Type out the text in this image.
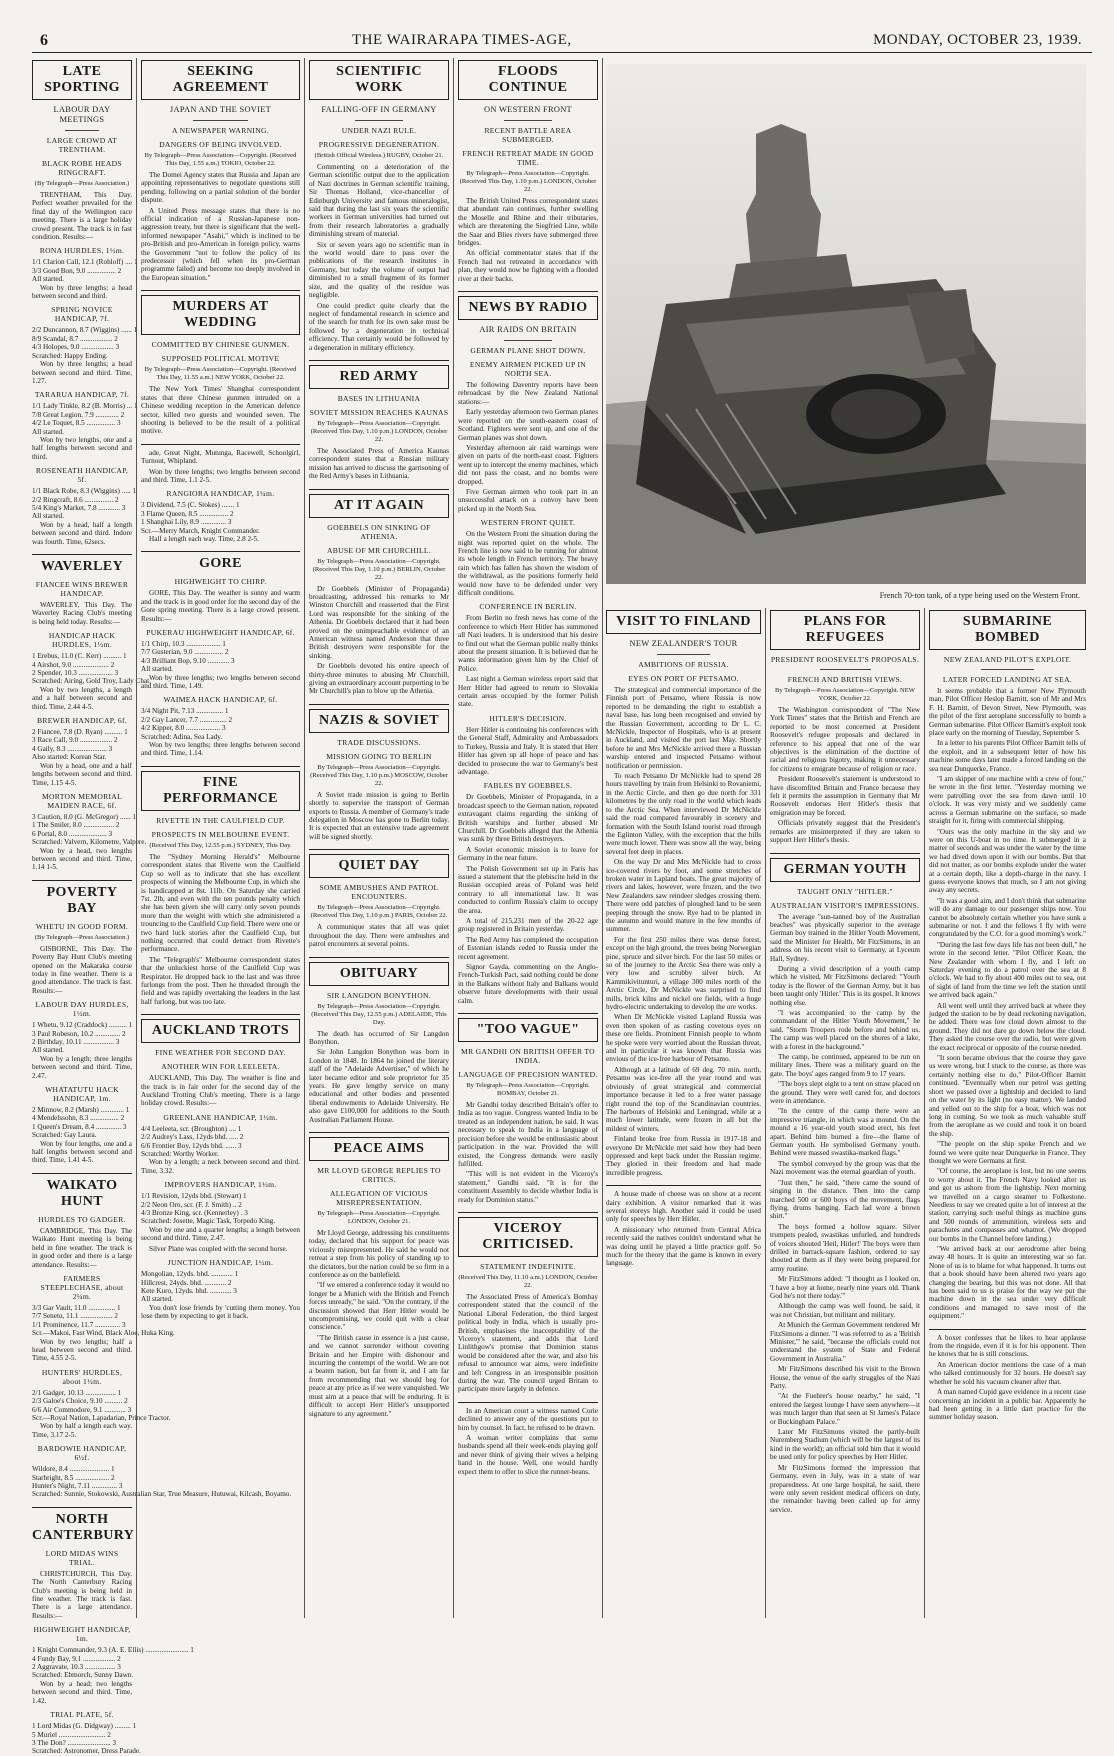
6	THE WAIRARAPA TIMES-AGE,	MONDAY, OCTOBER 23, 1939.
LATE SPORTING
LABOUR DAY MEETINGS
LARGE CROWD AT TRENTHAM.
BLACK ROBE HEADS RINGCRAFT.
(By Telegraph—Press Association.)

TRENTHAM, This Day. Perfect weather prevailed for the final day of the Wellington race meeting. There is a large holiday crowd present. The track is in fast condition. Results:—

RONA HURDLES, 1½m.

1/1 Clarion Call, 12.1 (Rohloff) .... 1

3/3 Good Bon, 9.0 ................ 2

All started.

Won by three lengths; a head between second and third.

SPRING NOVICE HANDICAP, 7f.

2/2 Duncannon, 8.7 (Wiggins) ...... 1

8/9 Scandal, 8.7 .................. 2

4/3 Holopes, 9.0 .................. 3

Scratched: Happy Ending.

Won by three lengths; a head between second and third. Time, 1.27.

TARARUA HANDICAP, 7f.

1/1 Lady Tinkle, 8.2 (B. Morris) ... 1

7/8 Great Legion, 7.9 ............. 2

4/2 Le Toquet, 8.5 ................ 3

All started.

Won by two lengths, one and a half lengths between second and third.

ROSENEATH HANDICAP, 5f.

1/1 Black Robe, 8.3 (Wiggins) ..... 1

2/2 Ringcraft, 8.6 ................ 2

5/4 King's Market, 7.8 ............ 3

All started.

Won by a head, half a length between second and third. Indore was fourth. Time, 62secs.

WAVERLEY
FIANCEE WINS BREWER HANDICAP.

WAVERLEY, This Day. The Waverley Racing Club's meeting is being held today. Results:—

HANDICAP HACK HURDLES, 1½m.

1 Erebus, 11.0 (C. Kerr) .......... 1

4 Airshot, 9.0 .................... 2

2 Spender, 10.3 ................... 3

Scratched: Airing, Gold Troy, Lady Chat.

Won by two lengths, a length and a half between second and third. Time, 2.44 4-5.

BREWER HANDICAP, 6f.

2 Fiancee, 7.8 (D. Ryan) .......... 1

3 Race Call, 9.0 .................. 2

4 Gaily, 8.3 ...................... 3

Also started: Korean Star.

Won by a head, one and a half lengths between second and third. Time, 1.15 4-5.

MORTON MEMORIAL MAIDEN RACE, 6f.

3 Caution, 8.0 (G. McGregor) ...... 1

1 The Smiler, 8.0 ................. 2

6 Portal, 8.0 ..................... 3

Scratched: Valvern, Kilometre, Valpere.

Won by a head, two lengths between second and third. Time, 1.14 1-5.

POVERTY BAY
WHETU IN GOOD FORM.
(By Telegraph—Press Association.)

GISBORNE, This Day. The Poverty Bay Hunt Club's meeting opened on the Makaraka course today in fine weather. There is a good attendance. The track is fast. Results:—

LABOUR DAY HURDLES, 1½m.

1 Whetu, 9.12 (Craddock) .......... 1

3 Paul Robeson, 10.2 .............. 2

2 Birthday, 10.11 ................. 3

All started.

Won by a length; three lengths between second and third. Time, 2.47.

WHATATUTU HACK HANDICAP, 1m.

2 Minnow, 8.2 (Marsh) ............. 1

4 Mendelssohn, 8.3 ................ 2

1 Queen's Dream, 8.4 .............. 3

Scratched: Gay Laura.

Won by four lengths, one and a half lengths between second and third. Time, 1.41 4-5.

WAIKATO HUNT
HURDLES TO GADGER.

CAMBRIDGE, This Day. The Waikato Hunt meeting is being held in fine weather. The track is in good order and there is a large attendance. Results:—

FARMERS STEEPLECHASE, about 2¼m.

3/3 Gar Vault, 11.0 ............... 1

7/7 Senetu, 11.1 .................. 2

1/1 Prominence, 11.7 .............. 3

Scr.—Makoi, Fast Wind, Black Aloe, Huka King.

Won by two lengths; half a head between second and third. Time, 4.55 2-5.

HUNTERS' HURDLES, about 1½m.

2/1 Gadger, 10.13 ................. 1

2/3 Galoe's Choice, 9.10 .......... 2

6/6 Air Commodore, 9.1 ............ 3

Scr.—Royal Nation, Lapadarian, Prince Tractor.

Won by half a length each way. Time, 3.17 2-5.

BARDOWIE HANDICAP, 6½f.

Wildore, 8.4 ...................... 1

Starbright, 8.5 ................... 2

Hunter's Night, 7.11 .............. 3

Scratched: Sunnie, Stokowski, Australian Star, True Measure, Hutuwai, Kilcash, Boyamo.

NORTH CANTERBURY
LORD MIDAS WINS TRIAL.

CHRISTCHURCH, This Day. The North Canterbury Racing Club's meeting is being held in fine weather. The track is fast. There is a large attendance. Results:—

HIGHWEIGHT HANDICAP, 1m.

1 Knight Commander, 9.3 (A. E. Ellis) ........................ 1

4 Fundy Bay, 9.1 .................. 2

2 Aggravate, 10.3 ................. 3

Scratched: Ebmorch, Sunny Dawn.

Won by a head; two lengths between second and third. Time, 1.42.

TRIAL PLATE, 5f.

1 Lord Midas (G. Didgway) ......... 1

5 Muriel .......................... 2

3 The Don? ........................ 3

Scratched: Astronomer, Dress Parade.

SEEKING AGREEMENT
JAPAN AND THE SOVIET
A NEWSPAPER WARNING.
DANGERS OF BEING INVOLVED.
By Telegraph—Press Association—Copyright. (Received This Day, 1.55 a.m.) TOKIO, October 22.

The Domei Agency states that Russia and Japan are appointing representatives to negotiate questions still pending, following on a partial solution of the border dispute.

A United Press message states that there is no official indication of a Russian-Japanese non-aggression treaty, but there is significant that the well-informed newspaper "Asahi," which is inclined to be pro-British and pro-American in foreign policy, warns the Government "not to follow the policy of its predecessor (which fell when its pro-German programme failed) and become too deeply involved in the European situation."

MURDERS AT WEDDING
COMMITTED BY CHINESE GUNMEN.
SUPPOSED POLITICAL MOTIVE
By Telegraph—Press Association—Copyright. (Received This Day, 11.55 a.m.) NEW YORK, October 22.

The New York Times' Shanghai correspondent states that three Chinese gunmen intruded on a Chinese wedding reception in the American defence sector, killed two guests and wounded seven. The shooting is believed to be the result of a political motive.

ade, Great Night, Mutunga, Racewell, Schoolgirl, Turnout, Whipland.

Won by three lengths; two lengths between second and third. Time, 1.1 2-5.

RANGIORA HANDICAP, 1¼m.

3 Dividend, 7.5 (C. Stokes) ....... 1

3 Flame Queen, 8.5 ................ 2

1 Shanghai Lily, 8.9 .............. 3

Scr.—Merry March, Knight Commander.

Half a length each way. Time, 2.8 2-5.

GORE
HIGHWEIGHT TO CHIRP.

GORE, This Day. The weather is sunny and warm and the track is in good order for the second day of the Gore spring meeting. There is a large crowd present. Results:—

PUKERAU HIGHWEIGHT HANDICAP, 6f.

1/1 Chirp, 10.3 ................... 1

7/7 Gusterian, 9.0 ................ 2

4/3 Brilliant Bop, 9.10 ............ 3

All started.

Won by three lengths; two lengths between second and third. Time, 1.49.

WAIMEA HACK HANDICAP, 6f.

3/4 Night Pit, 7.13 ............... 1

2/2 Gay Lancer, 7.7 ............... 2

4/2 Kipper, 8.0 ................... 3

Scratched: Adina, Sea Lady.

Won by two lengths; three lengths between second and third. Time, 1.14.

FINE PERFORMANCE
RIVETTE IN THE CAULFIELD CUP.
PROSPECTS IN MELBOURNE EVENT.
(Received This Day, 12.55 p.m.) SYDNEY, This Day.

The "Sydney Morning Herald's" Melbourne correspondent states that Rivette won the Caulfield Cup so well as to indicate that she has excellent prospects of winning the Melbourne Cup, in which she is handicapped at 8st. 11lb. On Saturday she carried 7st. 2lb, and even with the ten pounds penalty which she has been given she will carry only seven pounds more than the weight with which she administered a trouncing to the Caulfield Cup field. There were one or two hard luck stories after the Caulfield Cup, but nothing occurred that could detract from Rivette's performance.

The "Telegraph's" Melbourne correspondent states that the unluckiest horse of the Caulfield Cup was Respirator. He dropped back to the last and was three furlongs from the post. Then he threaded through the field and was rapidly overtaking the leaders in the last half furlong, but was too late.

AUCKLAND TROTS
FINE WEATHER FOR SECOND DAY.
ANOTHER WIN FOR LEELEETA.

AUCKLAND, This Day. The weather is fine and the track is in fair order for the second day of the Auckland Trotting Club's meeting. There is a large holiday crowd. Results:—

GREENLANE HANDICAP, 1½m.

4/4 Leeleeta, scr. (Broughton) .... 1

2/2 Audrey's Lass, 12yds bhd. ..... 2

6/6 Frontier Boy, 12yds bhd. ...... 3

Scratched: Worthy Worker.

Won by a length; a neck between second and third. Time, 3.32.

IMPROVERS HANDICAP, 1½m.

1/1 Revision, 12yds bhd. (Stewart) 1

2/2 Neon Oro, scr. (F. J. Smith) .. 2

4/3 Bronze King, scr. (Kennerley) . 3

Scratched: Josette, Magic Task, Torpedo King.

Won by one and a quarter lengths; a length between second and third. Time, 2.47.

Silver Plane was coupled with the second horse.

JUNCTION HANDICAP, 1½m.

Mongolian, 12yds. bhd. ............ 1

Hillcrest, 24yds. bhd. ............ 2

Kete Kuro, 12yds. bhd. ............ 3

All started.

You don't lose friends by 'cutting them money. You lose them by expecting to get it back.

SCIENTIFIC WORK
FALLING-OFF IN GERMANY
UNDER NAZI RULE.
PROGRESSIVE DEGENERATION.
(British Official Wireless.) RUGBY, October 21.

Commenting on a deterioration of the German scientific output due to the application of Nazi doctrines in German scientific training, Sir Thomas Holland, vice-chancellor of Edinburgh University and famous mineralogist, said that during the last six years the scientific workers in German universities had turned out from their research laboratories a gradually diminishing stream of material.

Six or seven years ago no scientific man in the world would dare to pass over the publications of the research institutes in Germany, but today the volume of output had diminished to a small fragment of its former size, and the quality of the residue was negligible.

One could predict quite clearly that the neglect of fundamental research in science and of the search for truth for its own sake must be followed by a degeneration in technical efficiency. That certainly would be followed by a degeneration in military efficiency.

RED ARMY
BASES IN LITHUANIA
SOVIET MISSION REACHES KAUNAS
By Telegraph—Press Association—Copyright. (Received This Day, 1.10 p.m.) LONDON, October 22.

The Associated Press of America Kaunas correspondent states that a Russian military mission has arrived to discuss the garrisoning of the Red Army's bases in Lithuania.

AT IT AGAIN
GOEBBELS ON SINKING OF ATHENIA.
ABUSE OF MR CHURCHILL.
By Telegraph—Press Association—Copyright. (Received This Day, 1.10 p.m.) BERLIN, October 22.

Dr Goebbels (Minister of Propaganda) broadcasting, addressed his remarks to Mr Winston Churchill and reasserted that the First Lord was responsible for the sinking of the Athenia. Dr Goebbels declared that it had been proved on the unimpeachable evidence of an American witness named Anderson that three British destroyers were responsible for the sinking.

Dr Goebbels devoted his entire speech of thirty-three minutes to abusing Mr Churchill, giving an extraordinary account purporting to be Mr Churchill's plan to blow up the Athenia.

NAZIS & SOVIET
TRADE DISCUSSIONS.
MISSION GOING TO BERLIN
By Telegraph—Press Association—Copyright. (Received This Day, 1.10 p.m.) MOSCOW, October 22.

A Soviet trade mission is going to Berlin shortly to supervise the transport of German exports to Russia. A member of Germany's trade delegation in Moscow has gone to Berlin today. It is expected that an extensive trade agreement will be signed shortly.

QUIET DAY
SOME AMBUSHES AND PATROL ENCOUNTERS.
By Telegraph—Press Association—Copyright. (Received This Day, 1.10 p.m.) PARIS, October 22.

A communique states that all was quiet throughout the day. There were ambushes and patrol encounters at several points.

OBITUARY
SIR LANGDON BONYTHON.
By Telegraph—Press Association—Copyright. (Received This Day, 12.55 p.m.) ADELAIDE, This Day.

The death has occurred of Sir Langdon Bonython.

Sir John Langdon Bonython was born in London in 1848. In 1864 he joined the literary staff of the "Adelaide Advertiser," of which he later became editor and sole proprietor for 35 years. He gave lengthy service on many educational and other bodies and presented liberal endowments to Adelaide University. He also gave £100,000 for additions to the South Australian Parliament House.

PEACE AIMS
MR LLOYD GEORGE REPLIES TO CRITICS.
ALLEGATION OF VICIOUS MISREPRESENTATION.
By Telegraph—Press Association—Copyright. LONDON, October 21.

Mr Lloyd George, addressing his constituents today, declared that his support for peace was viciously misrepresented. He said he would not retreat a step from his policy of standing up to the dictators, but the nation could be so firm in a conference as on the battlefield.

"If we entered a conference today it would no longer be a Munich with the British and French forces unready," he said. "On the contrary, if the discussion showed that Herr Hitler would be uncompromising, we could quit with a clear conscience."

"The British cause in essence is a just cause, and we cannot surrender without covering Britain and her Empire with dishonour and incurring the contempt of the world. We are not a beaten nation, but far from it, and I am far from recommending that we should beg for peace at any price as if we were vanquished. We must aim at a peace that will be enduring. It is difficult to accept Herr Hitler's unsupported signature to any agreement."

FLOODS CONTINUE
ON WESTERN FRONT
RECENT BATTLE AREA SUBMERGED.
FRENCH RETREAT MADE IN GOOD TIME.
By Telegraph—Press Association—Copyright. (Received This Day, 1.10 p.m.) LONDON, October 22.

The British United Press correspondent states that abundant rain continues, further swelling the Moselle and Rhine and their tributaries, which are threatening the Siegfried Line, while the Saar and Blies rivers have submerged three bridges.

An official commentator states that if the French had not retreated in accordance with plan, they would now be fighting with a flooded river at their backs.

NEWS BY RADIO
AIR RAIDS ON BRITAIN
GERMAN PLANE SHOT DOWN.
ENEMY AIRMEN PICKED UP IN NORTH SEA.

The following Daventry reports have been rebroadcast by the New Zealand National stations:—

Early yesterday afternoon two German planes were reported on the south-eastern coast of Scotland. Fighters were sent up, and one of the German planes was shot down.

Yesterday afternoon air raid warnings were given on parts of the north-east coast. Fighters went up to intercept the enemy machines, which did not pass the coast, and no bombs were dropped.

Five German airmen who took part in an unsuccessful attack on a convoy have been picked up in the North Sea.

WESTERN FRONT QUIET.

On the Western Front the situation during the night was reported quiet on the whole. The French line is now said to be running for almost its whole length in French territory. The heavy rain which has fallen has shown the wisdom of the withdrawal, as the positions formerly held would now have to be defended under very difficult conditions.

CONFERENCE IN BERLIN.

From Berlin no fresh news has come of the conference to which Herr Hitler has summoned all Nazi leaders. It is understood that his desire to find out what the German public really thinks about the present situation. It is believed that he wants information given him by the Chief of Police.

Last night a German wireless report said that Herr Hitler had agreed to return to Slovakia certain areas occupied by the former Polish state.

HITLER'S DECISION.

Herr Hitler is continuing his conferences with the General Staff, Admirality and Ambassadors to Turkey, Russia and Italy. It is stated that Herr Hitler has given up all hope of peace and has decided to prosecute the war to Germany's best advantage.

FABLES BY GOEBBELS.

Dr Goebbels, Minister of Propaganda, in a broadcast speech to the German nation, repeated extravagant claims regarding the sinking of British warships and further abused Mr Churchill. Dr Goebbels alleged that the Athenia was sunk by three British destroyers.

A Soviet economic mission is to leave for Germany in the near future.

The Polish Government set up in Paris has issued a statement that the plebiscite held in the Russian occupied areas of Poland was held contrary to all international law. It was conducted to confirm Russia's claim to occupy the area.

A total of 215,231 men of the 20-22 age group registered in Britain yesterday.

The Red Army has completed the occupation of Estonian islands ceded to Russia under the recent agreement.

Signor Gayda, commenting on the Anglo-French-Turkish Pact, said nothing could be done in the Balkans without Italy and Balkans would observe future developments with their usual calm.

"TOO VAGUE"
MR GANDHI ON BRITISH OFFER TO INDIA.
LANGUAGE OF PRECISION WANTED.
By Telegraph—Press Association—Copyright. BOMBAY, October 21.

Mr Gandhi today described Britain's offer to India as too vague. Congress wanted India to be treated as an independent nation, he said. It was necessary to speak to India in a language of precision before she would be enthusiastic about participation in the war. Provided the will existed, the Congress demands were easily fulfilled.

"This will is not evident in the Viceroy's statement," Gandhi said. "It is for the constituent Assembly to decide whether India is ready for Dominion status."

VICEROY CRITICISED.
STATEMENT INDEFINITE.
(Received This Day, 11.10 a.m.) LONDON, October 22.

The Associated Press of America's Bombay correspondent stated that the council of the National Liberal Federation, the third largest political body in India, which is usually pro-British, emphasises the inacceptability of the Viceroy's statement, and adds that Lord Linlithgow's promise that Dominion status would be considered after the war, and also his refusal to announce war aims, were indefinite and left Congress in an irresponsible position during the war. The council urged Britain to participate more largely in defence.

In an American court a witness named Corie declined to answer any of the questions put to him by counsel. In fact, he refused to be drawn.

A woman writer complains that some husbands spend all their week-ends playing golf and never think of giving their wives a helping hand in the house. Well, one would hardly expect them to offer to slice the runner-beans.

French 70-ton tank, of a type being used on the Western Front.
VISIT TO FINLAND
NEW ZEALANDER'S TOUR
AMBITIONS OF RUSSIA.
EYES ON PORT OF PETSAMO.

The strategical and commercial importance of the Finnish port of Petsamo, where Russia is now reported to be demanding the right to establish a naval base, has long been recognised and envied by the Russian Government, according to Dr L. C. McNickle, Inspector of Hospitals, who is at present in Auckland, and visited the port last May. Shortly before he and Mrs McNickle arrived there a Russian warship entered and inspected Petsamo without notification or permission.

To reach Petsamo Dr McNickle had to spend 28 hours travelling by train from Helsinki to Rovaniemi, in the Arctic Circle, and then go due north for 331 kilometres by the only road in the world which leads to the Arctic Sea. When interviewed Dr McNickle said the road compared favourably in scenery and formation with the South Island tourist road through the Eglinton Valley, with the exception that the hills were much lower. There was snow all the way, being several feet deep in places.

On the way Dr and Mrs McNickle had to cross ice-covered rivers by foot, and some stretches of broken water in Lapland boats. The great majority of rivers and lakes, however, were frozen, and the two New Zealanders saw reindeer sledges crossing them. There were odd patches of ploughed land to be seen peeping through the snow. Rye had to be planted in the autumn and would mature in the few months of summer.

For the first 250 miles there was dense forest, except on the high ground, the trees being Norwegian pine, spruce and silver birch. For the last 50 miles or so of the journey to the Arctic Sea there was only a very low and scrubby silver birch. At Kammikivitunturi, a village 300 miles north of the Arctic Circle, Dr McNickle was surprised to find mills, brick kilns and nickel ore fields, with a huge hydro-electric undertaking to develop the ore works.

When Dr McNickle visited Lapland Russia was even then spoken of as casting covetous eyes on these ore fields. Prominent Finnish people to whom he spoke were very worried about the Russian threat, and in particular it was known that Russia was envious of the ice-free harbour of Petsamo.

Although at a latitude of 69 deg. 70 min. north, Petsamo was ice-free all the year round and was obviously of great strategical and commercial importance because it led to a free water passage right round the top of the Scandinavian countries. The harbours of Helsinki and Leningrad, while at a much lower latitude, were frozen in all but the mildest of winters.

Finland broke free from Russia in 1917-18 and everyone Dr McNickle met said how they had been oppressed and kept back under the Russian regime. They gloried in their freedom and had made incredible progress.

A house made of cheese was on show at a recent dairy exhibition. A visitor remarked that it was several storeys high. Another said it could be used only for speeches by Herr Hitler.

A missionary who returned from Central Africa recently said the natives couldn't understand what he was doing until he played a little practice golf. So much for the theory that the game is known in every language.

PLANS FOR REFUGEES
PRESIDENT ROOSEVELT'S PROPOSALS.
FRENCH AND BRITISH VIEWS.
By Telegraph—Press Association—Copyright. NEW YORK, October 22.

The Washington correspondent of "The New York Times" states that the British and French are reported to be most concerned at President Roosevelt's refugee proposals and declared in reference to his appeal that one of the war objectives is the elimination of the doctrine of racial and religious bigotry, making it unnecessary for citizens to emigrate because of religion or race.

President Roosevelt's statement is understood to have discomfited Britain and France because they felt it permits the assumption in Germany that Mr Roosevelt endorses Herr Hitler's thesis that emigration may be forced.

Officials privately suggest that the President's remarks are misinterpreted if they are taken to support Herr Hitler's thesis.

GERMAN YOUTH
TAUGHT ONLY "HITLER."
AUSTRALIAN VISITOR'S IMPRESSIONS.

The average "sun-tanned boy of the Australian beaches" was physically superior to the average German boy trained in the Hitler Youth Movement, said the Minister for Health, Mr FitzSimons, in an address on his recent visit to Germany, at Lyceum Hall, Sydney.

During a vivid description of a youth camp which he visited, Mr FitzSimons declared: "Youth today is the flower of the German Army, but it has been taught only 'Hitler.' This is its gospel. It knows nothing else.

"I was accompanied to the camp by the commandant of the Hitler Youth Movement," he said. "Storm Troopers rode before and behind us. The camp was well placed on the shores of a lake, with a forest in the background."

The camp, he continued, appeared to be run on military lines. There was a military guard on the gate. The boys' ages ranged from 9 to 17 years.

"The boys slept eight to a tent on straw placed on the ground. They were well cared for, and doctors were in attendance.

"In the centre of the camp there were an impressive triangle, in which was a mound. On the mound a 16 year-old youth stood erect, his feet apart. Behind him burned a fire—the flame of German youth. He symbolised Germany youth. Behind were massed swastika-marked flags."

The symbol conveyed by the group was that the Nazi movement was the eternal guardian of youth.

"Just then," he said, "there came the sound of singing in the distance. Then into the camp marched 500 or 600 boys of the movement, flags flying, drums banging. Each lad wore a brown shirt."

The boys formed a hollow square. Silver trumpets pealed, swastikas unfurled, and hundreds of voices shouted 'Heil, Hitler!' The boys were then drilled in barrack-square fashion, ordered to say shouted at them as if they were being prepared for army routine.

Mr FitzSimons added: "I thought as I looked on, 'I have a boy at home, nearly nine years old. Thank God he's not there today.'"

Although the camp was well found, he said, it was not Christian, but militant and military.

At Munich the German Government tendered Mr FitzSimons a dinner. "I was referred to as a 'British Minister,'" he said, "because the officials could not understand the system of State and Federal Government in Australia."

Mr FitzSimons described his visit to the Brown House, the venue of the early struggles of the Nazi Party.

"At the Fuehrer's house nearby," he said, "I entered the largest lounge I have seen anywhere—it was much larger than that seen at St James's Palace or Buckingham Palace."

Later Mr FitzSimons visited the partly-built Nuremberg Stadium (which will be the largest of its kind in the world); an official told him that it would be used only for policy speeches by Herr Hitler.

Mr FitzSimons formed the impression that Germany, even in July, was in a state of war preparedness. At one large hospital, he said, there were only seven resident medical officers on duty, the remainder having been called up for army service.

SUBMARINE BOMBED
NEW ZEALAND PILOT'S EXPLOIT.
LATER FORCED LANDING AT SEA.

It seems probable that a former New Plymouth man, Pilot Officer Heslop Barnitt, son of Mr and Mrs F. H. Barnitt, of Devon Street, New Plymouth, was the pilot of the first aeroplane successfully to bomb a German submarine. Pilot Officer Barnitt's exploit took place early on the morning of Tuesday, September 5.

In a letter to his parents Pilot Officer Barnitt tells of the exploit, and in a subsequent letter of how his machine some days later made a forced landing on the sea near Dunquerke, France.

"I am skipper of one machine with a crew of four," he wrote in the first letter. "Yesterday morning we were patrolling over the sea from dawn until 10 o'clock. It was very misty and we suddenly came across a German submarine on the surface, so made straight for it, firing with commercial shipping.

"Ours was the only machine in the sky and we were on this U-boat in no time. It submerged in a matter of seconds and was under the water by the time we had dived down upon it with our bombs. But that did not matter, as our bombs explode under the water at a certain depth, like a depth-charge in the navy. I guess everyone knows that much, so I am not giving away any secrets.

"It was a good aim, and I don't think that submarine will do any damage to our passenger ships now. You cannot be absolutely certain whether you have sunk a submarine or not. I and the fellows I fly with were congratulated by the C.O. for a good morning's work."

"During the last few days life has not been dull," he wrote in the second letter. "Pilot Officer Kean, the New Zealander with whom I fly, and I left on Saturday evening to do a patrol over the sea at 8 o'clock. We had to fly about 400 miles out to sea, out of sight of land from the time we left the station until we arrived back again."

All went well until they arrived back at where they judged the station to be by dead reckoning navigation, he added. There was low cloud down almost to the ground. They did not dare go down below the cloud. They asked the course over the radio, but were given the exact reciprocal or opposite of the course needed.

"It soon became obvious that the course they gave us were wrong, but I stuck to the course, as there was certainly nothing else to do," Pilot-Officer Barnitt continued. "Eventually when our petrol was getting short we passed over a lightship and decided to land on the water by its light (no easy matter). We landed and yelled out to the ship for a boat, which was not long in coming. So we took as much valuable stuff from the aeroplane as we could and took it on board the ship.

"The people on the ship spoke French and we found we were quite near Dunquerke in France. They thought we were Germans at first.

"Of course, the aeroplane is lost, but no one seems to worry about it. The French Navy looked after us and got us ashore from the lightship. Next morning we travelled on a cargo steamer to Folkestone. Needless to say we created quite a lot of interest at the station, carrying such useful things as machine guns and 500 rounds of ammunition, wireless sets and parachutes and compasses and whatnot. (We dropped our bombs in the Channel before landing.)

"We arrived back at our aerodrome after being away 48 hours. It is quite an interesting war so far. None of us is to blame for what happened. It turns out that a book should have been altered two years ago changing the bearing, but this was not done. All that has been said to us is praise for the way we put the machine down in the sea under very difficult conditions and managed to save most of the equipment."

A boxer confesses that he likes to hear applause from the ringside, even if it is for his opponent. Then he knows that he is still conscious.

An American doctor mentions the case of a man who talked continuously for 32 hours. He doesn't say whether he sold his vacuum cleaner after that.

A man named Cupid gave evidence in a recent case concerning an incident in a public bar. Apparently he had been getting in a little dart practice for the summer holiday season.
